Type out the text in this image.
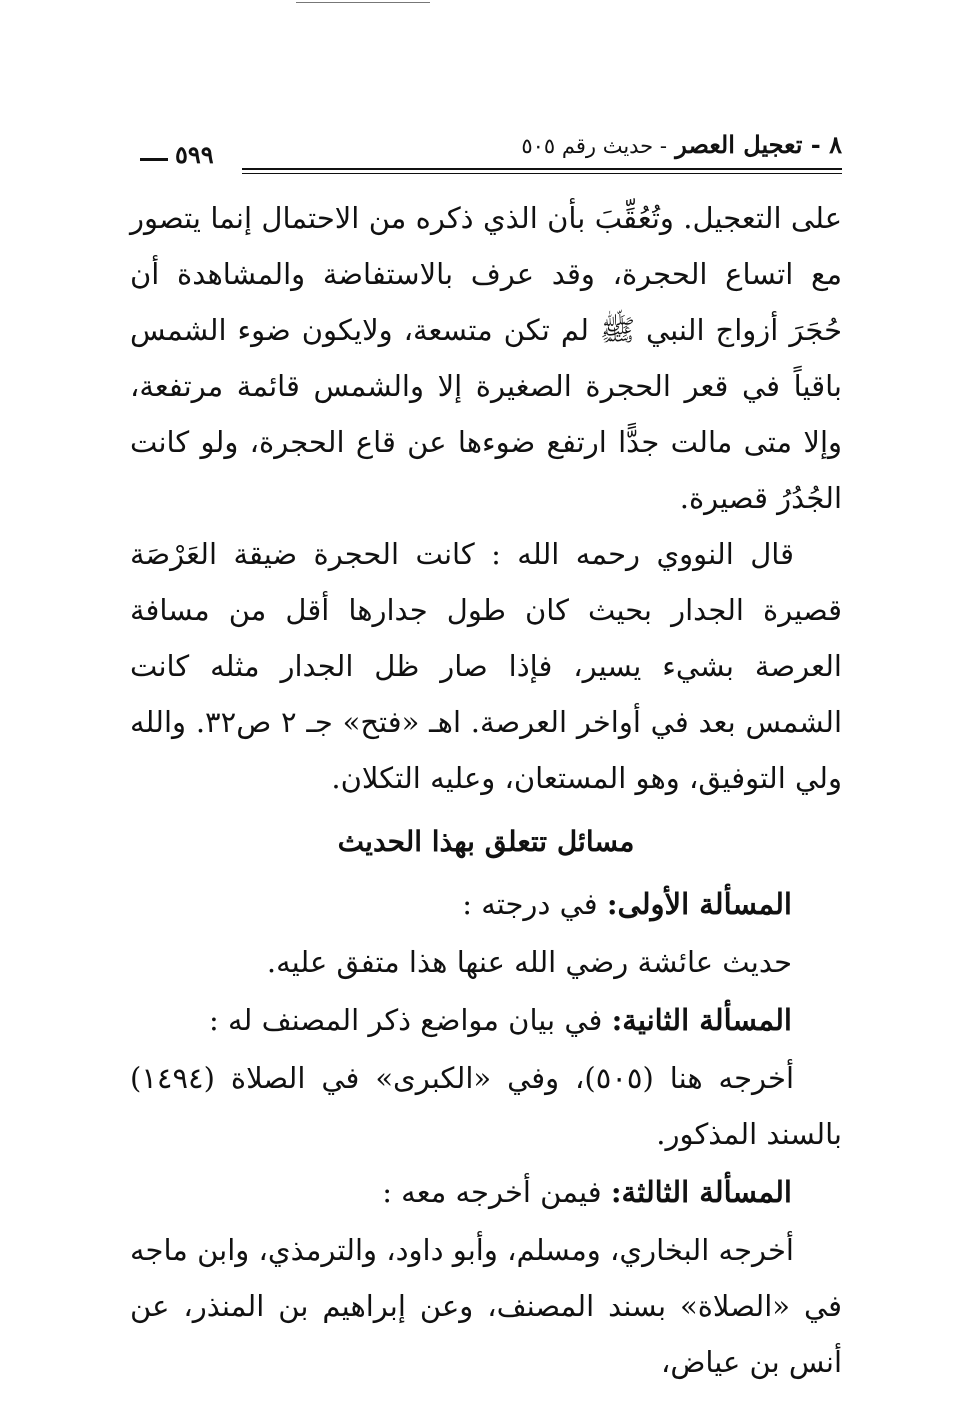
٨ - تعجيل العصر - حديث رقم ٥٠٥
٥٩٩

على التعجيل. وتُعُقِّبَ بأن الذي ذكره من الاحتمال إنما يتصور مع اتساع الحجرة، وقد عرف بالاستفاضة والمشاهدة أن حُجَرَ أزواج النبي ﷺ لم تكن متسعة، ولايكون ضوء الشمس باقياً في قعر الحجرة الصغيرة إلا والشمس قائمة مرتفعة، وإلا متى مالت جدًّا ارتفع ضوءها عن قاع الحجرة، ولو كانت الجُدُرُ قصيرة.

قال النووي رحمه الله : كانت الحجرة ضيقة العَرْصَة قصيرة الجدار بحيث كان طول جدارها أقل من مسافة العرصة بشيء يسير، فإذا صار ظل الجدار مثله كانت الشمس بعد في أواخر العرصة. اهـ «فتح» جـ ٢ ص٣٢. والله ولي التوفيق، وهو المستعان، وعليه التكلان.

مسائل تتعلق بهذا الحديث
المسألة الأولى: في درجته :

حديث عائشة رضي الله عنها هذا متفق عليه.

المسألة الثانية: في بيان مواضع ذكر المصنف له :

أخرجه هنا (٥٠٥)، وفي «الكبرى» في الصلاة (١٤٩٤) بالسند المذكور.

المسألة الثالثة: فيمن أخرجه معه :

أخرجه البخاري، ومسلم، وأبو داود، والترمذي، وابن ماجه في «الصلاة» بسند المصنف، وعن إبراهيم بن المنذر، عن أنس بن عياض،
